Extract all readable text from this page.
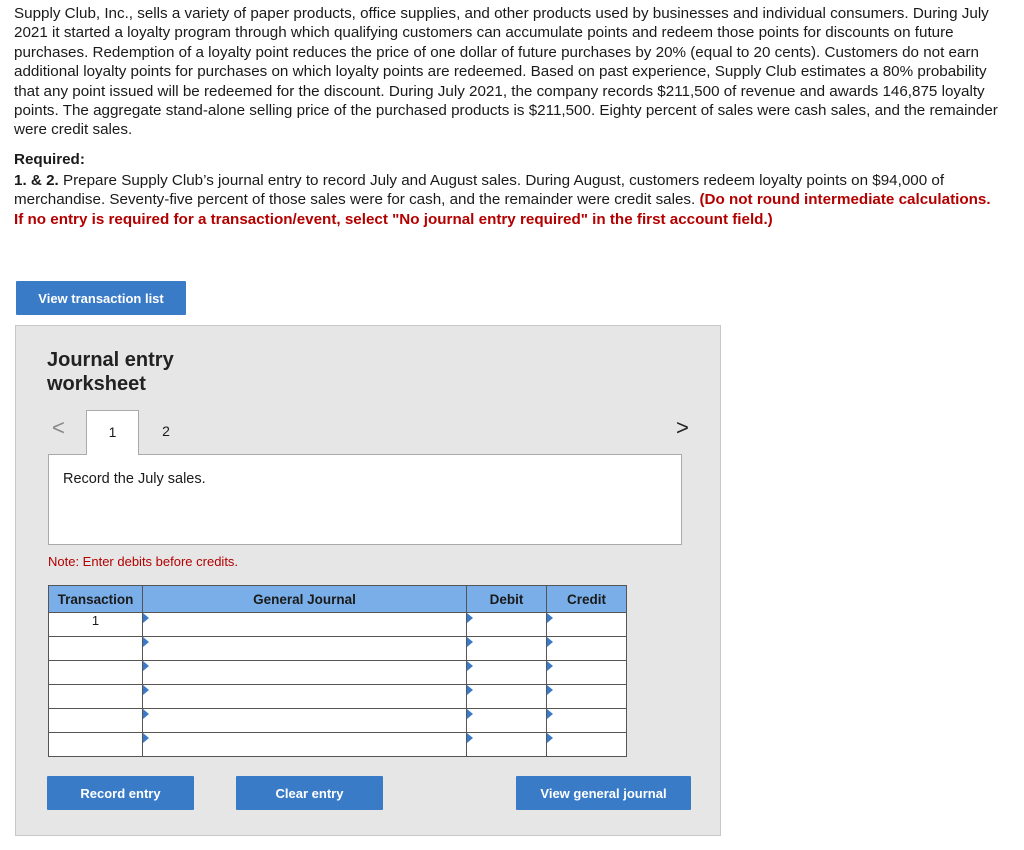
Supply Club, Inc., sells a variety of paper products, office supplies, and other products used by businesses and individual consumers. During July 2021 it started a loyalty program through which qualifying customers can accumulate points and redeem those points for discounts on future purchases. Redemption of a loyalty point reduces the price of one dollar of future purchases by 20% (equal to 20 cents). Customers do not earn additional loyalty points for purchases on which loyalty points are redeemed. Based on past experience, Supply Club estimates a 80% probability that any point issued will be redeemed for the discount. During July 2021, the company records $211,500 of revenue and awards 146,875 loyalty points. The aggregate stand-alone selling price of the purchased products is $211,500. Eighty percent of sales were cash sales, and the remainder were credit sales.

Required:

1. & 2. Prepare Supply Club’s journal entry to record July and August sales. During August, customers redeem loyalty points on $94,000 of merchandise. Seventy-five percent of those sales were for cash, and the remainder were credit sales. (Do not round intermediate calculations. If no entry is required for a transaction/event, select "No journal entry required" in the first account field.)

View transaction list
Journal entry worksheet
<	>
1	2
Record the July sales.
Note: Enter debits before credits.
Transaction	General Journal	Debit	Credit
1	

Record entry	Clear entry	View general journal
